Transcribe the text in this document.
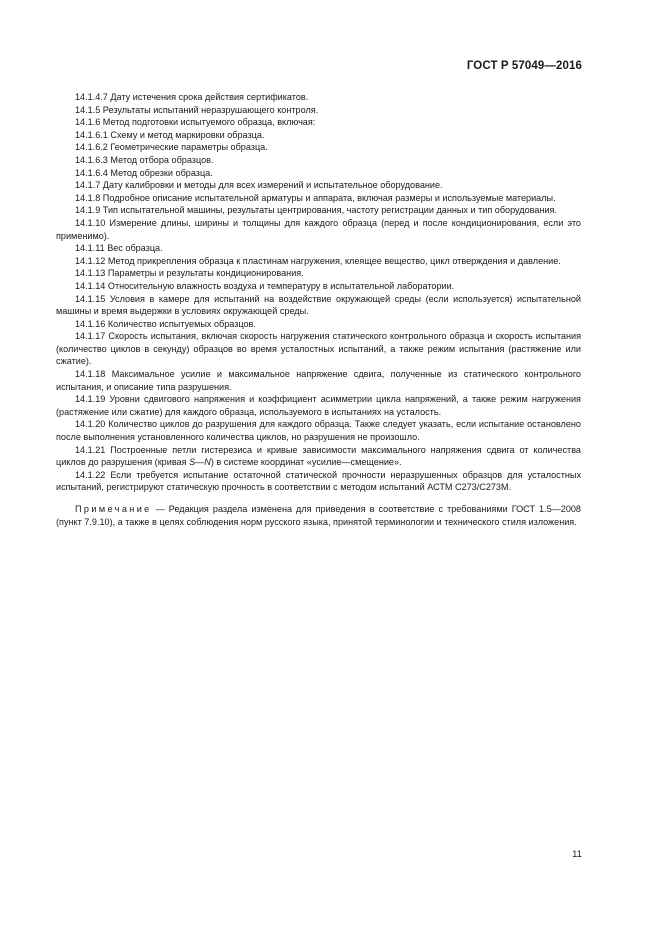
ГОСТ Р 57049—2016

14.1.4.7 Дату истечения срока действия сертификатов.

14.1.5 Результаты испытаний неразрушающего контроля.

14.1.6 Метод подготовки испытуемого образца, включая:

14.1.6.1 Схему и метод маркировки образца.

14.1.6.2 Геометрические параметры образца.

14.1.6.3 Метод отбора образцов.

14.1.6.4 Метод обрезки образца.

14.1.7 Дату калибровки и методы для всех измерений и испытательное оборудование.

14.1.8 Подробное описание испытательной арматуры и аппарата, включая размеры и используемые материалы.

14.1.9 Тип испытательной машины, результаты центрирования, частоту регистрации данных и тип оборудования.

14.1.10 Измерение длины, ширины и толщины для каждого образца (перед и после кондиционирования, если это применимо).

14.1.11 Вес образца.

14.1.12 Метод прикрепления образца к пластинам нагружения, клеящее вещество, цикл отверждения и давление.

14.1.13 Параметры и результаты кондиционирования.

14.1.14 Относительную влажность воздуха и температуру в испытательной лаборатории.

14.1.15 Условия в камере для испытаний на воздействие окружающей среды (если используется) испытательной машины и время выдержки в условиях окружающей среды.

14.1.16 Количество испытуемых образцов.

14.1.17 Скорость испытания, включая скорость нагружения статического контрольного образца и скорость испытания (количество циклов в секунду) образцов во время усталостных испытаний, а также режим испытания (растяжение или сжатие).

14.1.18 Максимальное усилие и максимальное напряжение сдвига, полученные из статического контрольного испытания, и описание типа разрушения.

14.1.19 Уровни сдвигового напряжения и коэффициент асимметрии цикла напряжений, а также режим нагружения (растяжение или сжатие) для каждого образца, используемого в испытаниях на усталость.

14.1.20 Количество циклов до разрушения для каждого образца. Также следует указать, если испытание остановлено после выполнения установленного количества циклов, но разрушения не произошло.

14.1.21 Построенные петли гистерезиса и кривые зависимости максимального напряжения сдвига от количества циклов до разрушения (кривая S—N) в системе координат «усилие—смещение».

14.1.22 Если требуется испытание остаточной статической прочности неразрушенных образцов для усталостных испытаний, регистрируют статическую прочность в соответствии с методом испытаний АСТМ С273/С273М.

Примечание — Редакция раздела изменена для приведения в соответствие с требованиями ГОСТ 1.5—2008 (пункт 7.9.10), а также в целях соблюдения норм русского языка, принятой терминологии и технического стиля изложения.

11
